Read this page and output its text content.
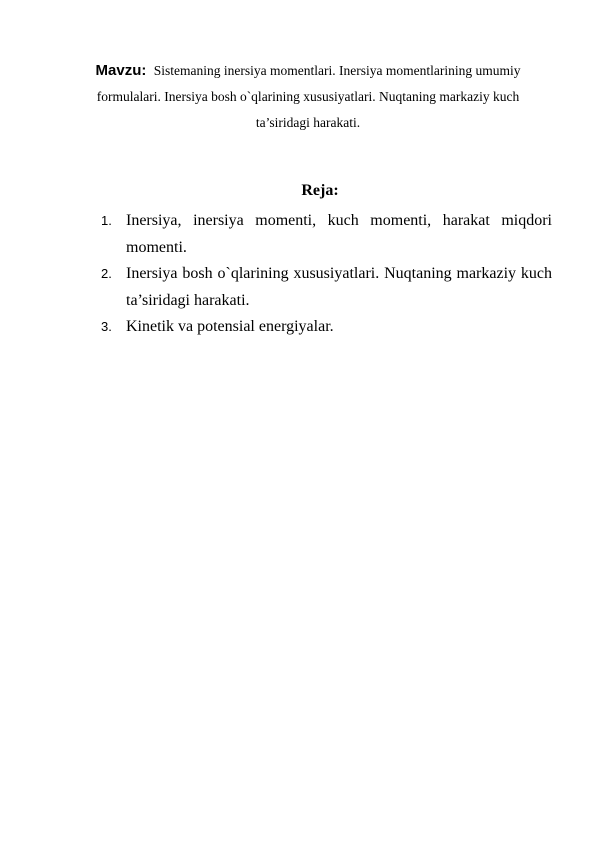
Mavzu: Sistemaning inersiya momentlari. Inersiya momentlarining umumiy formulalari. Inersiya bosh o`qlarining xususiyatlari. Nuqtaning markaziy kuch ta’siridagi harakati.
Reja:
1. Inersiya, inersiya momenti, kuch momenti, harakat miqdori momenti.
2. Inersiya bosh o`qlarining xususiyatlari. Nuqtaning markaziy kuch ta’siridagi harakati.
3. Kinetik va potensial energiyalar.
